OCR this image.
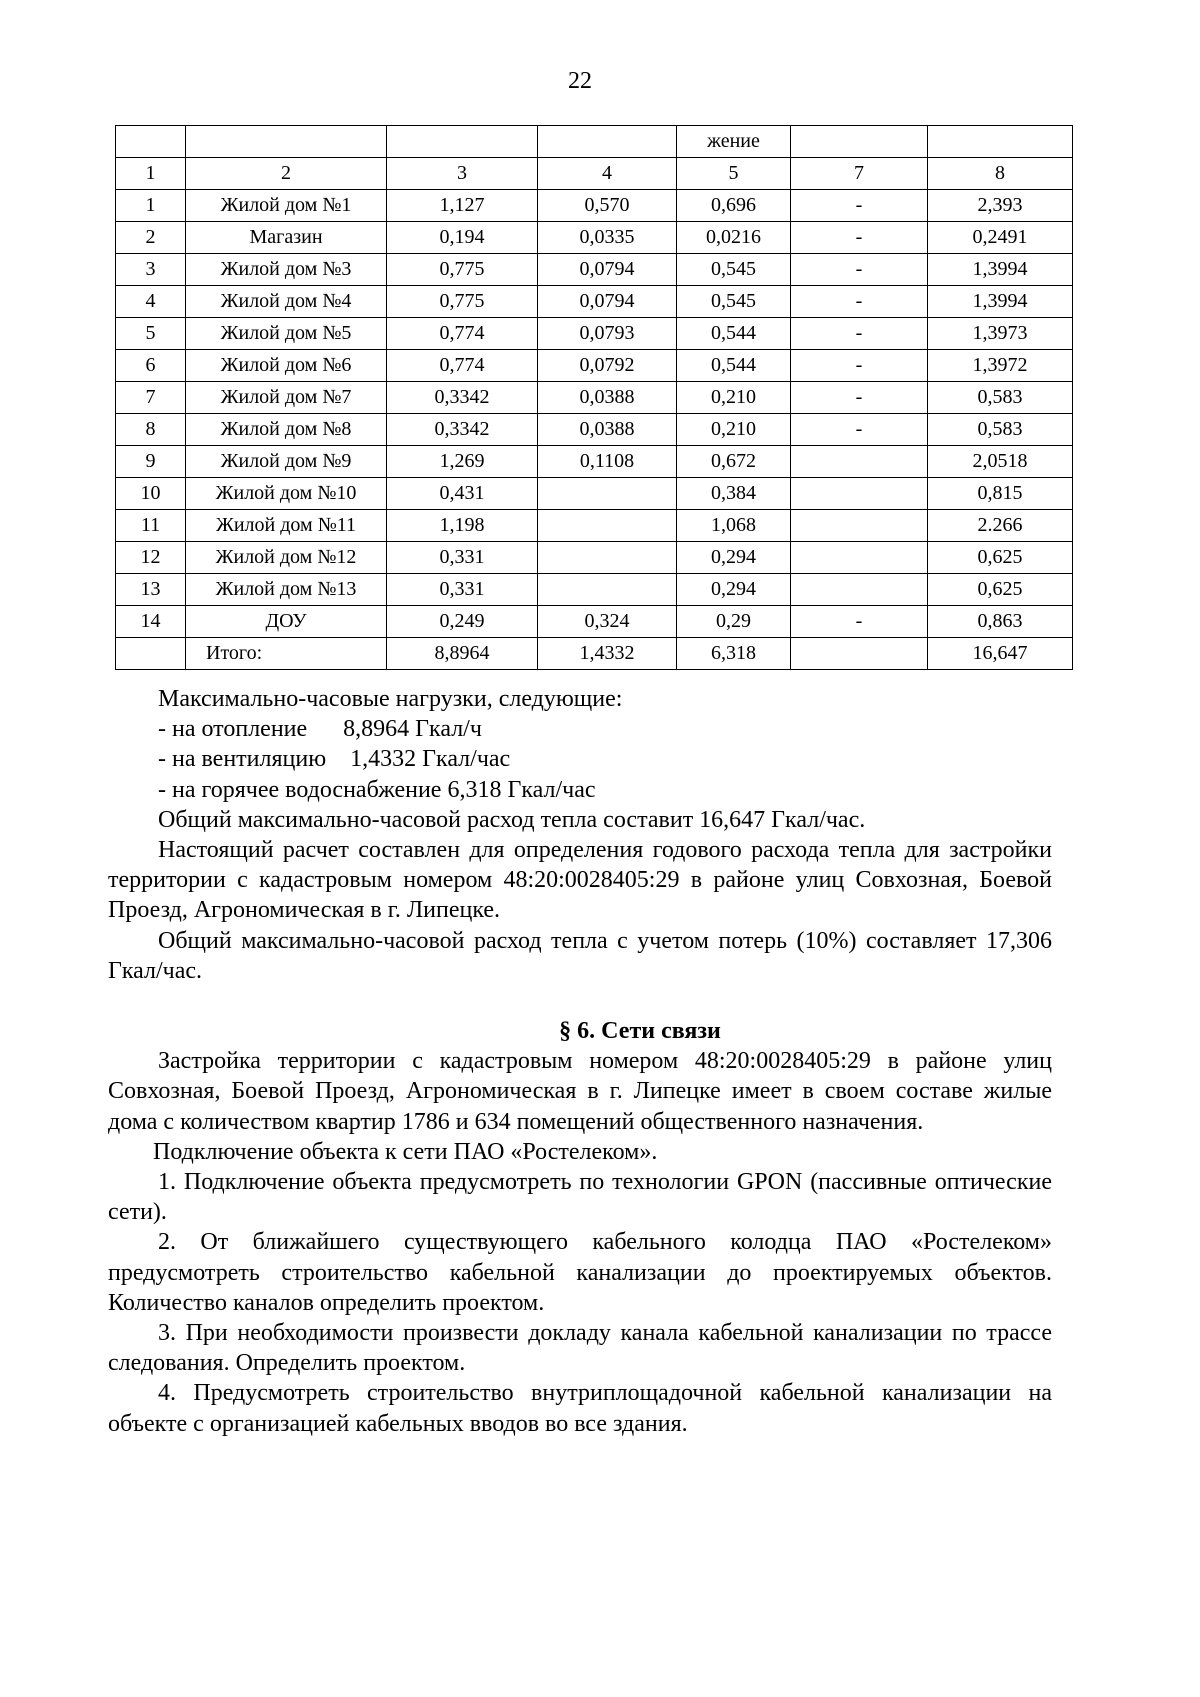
22
				жение		
1	2	3	4	5	7	8
1	Жилой дом №1	1,127	0,570	0,696	-	2,393
2	Магазин	0,194	0,0335	0,0216	-	0,2491
3	Жилой дом №3	0,775	0,0794	0,545	-	1,3994
4	Жилой дом №4	0,775	0,0794	0,545	-	1,3994
5	Жилой дом №5	0,774	0,0793	0,544	-	1,3973
6	Жилой дом №6	0,774	0,0792	0,544	-	1,3972
7	Жилой дом №7	0,3342	0,0388	0,210	-	0,583
8	Жилой дом №8	0,3342	0,0388	0,210	-	0,583
9	Жилой дом №9	1,269	0,1108	0,672		2,0518
10	Жилой дом №10	0,431		0,384		0,815
11	Жилой дом №11	1,198		1,068		2.266
12	Жилой дом №12	0,331		0,294		0,625
13	Жилой дом №13	0,331		0,294		0,625
14	ДОУ	0,249	0,324	0,29	-	0,863
	Итого:	8,8964	1,4332	6,318		16,647

Максимально-часовые нагрузки, следующие:

- на отопление      8,8964 Гкал/ч

- на вентиляцию    1,4332 Гкал/час

- на горячее водоснабжение 6,318 Гкал/час

Общий максимально-часовой расход тепла составит 16,647 Гкал/час.

Настоящий расчет составлен для определения годового расхода тепла для застройки территории с кадастровым номером 48:20:0028405:29 в районе улиц Совхозная, Боевой Проезд, Агрономическая в г. Липецке.

Общий максимально-часовой расход тепла с учетом потерь (10%) составляет 17,306 Гкал/час.

§ 6. Сети связи

Застройка территории с кадастровым номером 48:20:0028405:29 в районе улиц Совхозная, Боевой Проезд, Агрономическая в г. Липецке имеет в своем составе жилые дома с количеством квартир 1786 и 634 помещений общественного назначения.

Подключение объекта к сети ПАО «Ростелеком».

1. Подключение объекта предусмотреть по технологии GPON (пассивные оптические сети).

2. От ближайшего существующего кабельного колодца ПАО «Ростелеком» предусмотреть строительство кабельной канализации до проектируемых объектов. Количество каналов определить проектом.

3. При необходимости произвести докладу канала кабельной канализации по трассе следования. Определить проектом.

4. Предусмотреть строительство внутриплощадочной кабельной канализации на объекте с организацией кабельных вводов во все здания.
